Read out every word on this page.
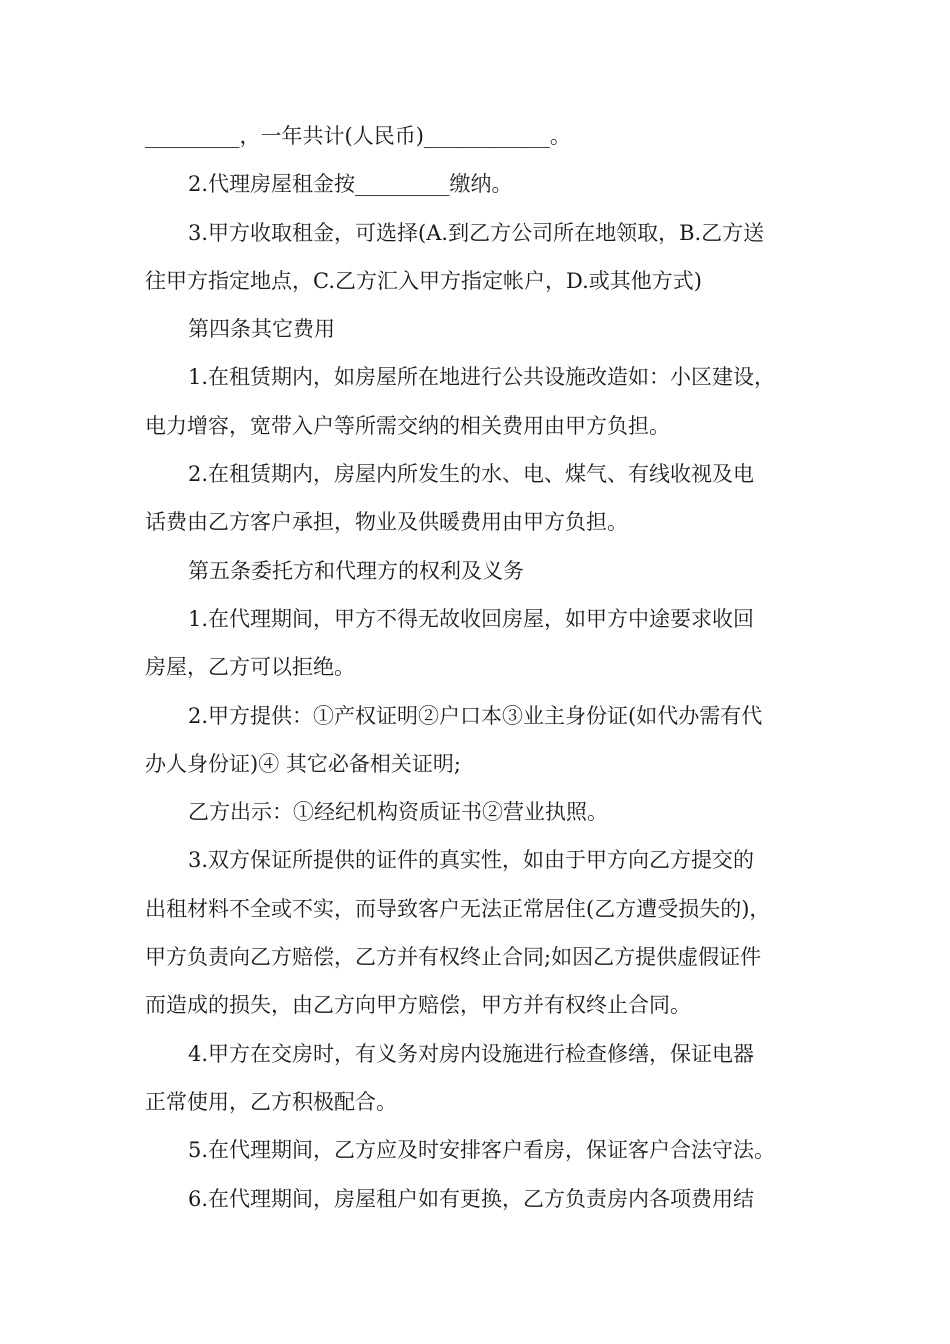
_________，一年共计(人民币)____________。
2.代理房屋租金按_________缴纳。
3.甲方收取租金，可选择(A.到乙方公司所在地领取，B.乙方送
往甲方指定地点，C.乙方汇入甲方指定帐户，D.或其他方式)
第四条其它费用
1.在租赁期内，如房屋所在地进行公共设施改造如：小区建设，
电力增容，宽带入户等所需交纳的相关费用由甲方负担。
2.在租赁期内，房屋内所发生的水、电、煤气、有线收视及电
话费由乙方客户承担，物业及供暖费用由甲方负担。
第五条委托方和代理方的权利及义务
1.在代理期间，甲方不得无故收回房屋，如甲方中途要求收回
房屋，乙方可以拒绝。
2.甲方提供：①产权证明②户口本③业主身份证(如代办需有代
办人身份证)④ 其它必备相关证明;
乙方出示：①经纪机构资质证书②营业执照。
3.双方保证所提供的证件的真实性，如由于甲方向乙方提交的
出租材料不全或不实，而导致客户无法正常居住(乙方遭受损失的)，
甲方负责向乙方赔偿，乙方并有权终止合同;如因乙方提供虚假证件
而造成的损失，由乙方向甲方赔偿，甲方并有权终止合同。
4.甲方在交房时，有义务对房内设施进行检查修缮，保证电器
正常使用，乙方积极配合。
5.在代理期间，乙方应及时安排客户看房，保证客户合法守法。
6.在代理期间，房屋租户如有更换，乙方负责房内各项费用结
